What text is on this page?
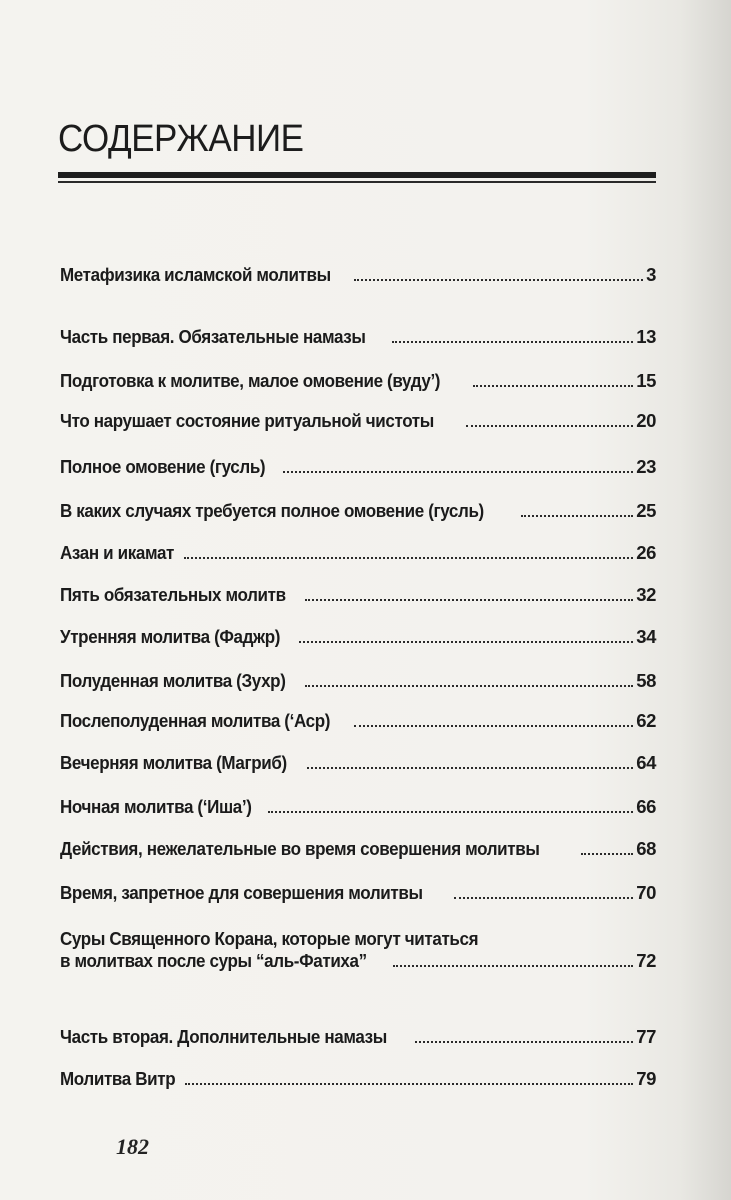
СОДЕРЖАНИЕ
Метафизика исламской молитвы	3
Часть первая. Обязательные намазы	13
Подготовка к молитве, малое омовение (вуду’)	15
Что нарушает состояние ритуальной чистоты	20
Полное омовение (гусль)	23
В каких случаях требуется полное омовение (гусль)	25
Азан и икамат	26
Пять обязательных молитв	32
Утренняя молитва (Фаджр)	34
Полуденная молитва (Зухр)	58
Послеполуденная молитва (‘Аср)	62
Вечерняя молитва (Магриб)	64
Ночная молитва (‘Иша’)	66
Действия, нежелательные во время совершения молитвы	68
Время, запретное для совершения молитвы	70
Суры Священного Корана, которые могут читаться
в молитвах после суры “аль-Фатиха”	72
Часть вторая. Дополнительные намазы	77
Молитва Витр	79
182
